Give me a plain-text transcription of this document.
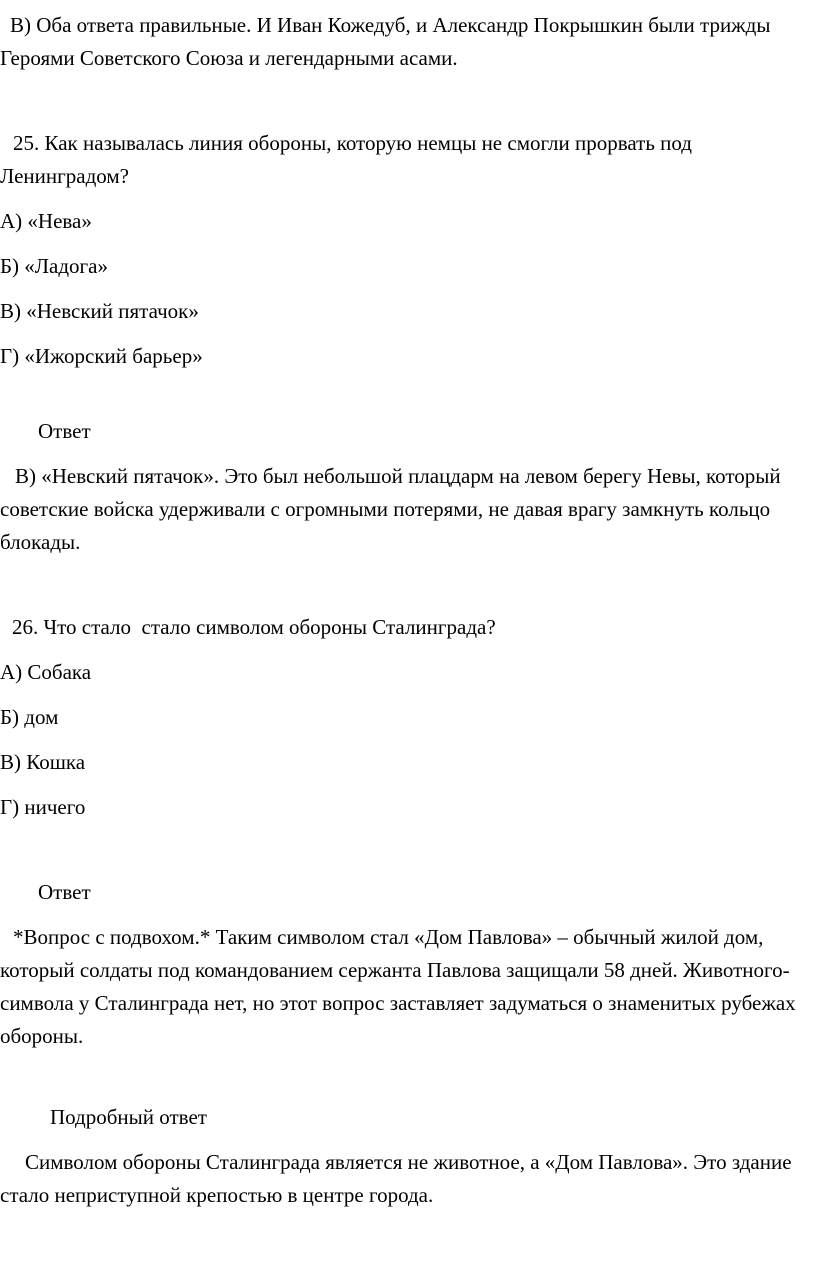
В) Оба ответа правильные. И Иван Кожедуб, и Александр Покрышкин были трижды Героями Советского Союза и легендарными асами.

25. Как называлась линия обороны, которую немцы не смогли прорвать под Ленинградом?

А) «Нева»

Б) «Ладога»

В) «Невский пятачок»

Г) «Ижорский барьер»

Ответ

В) «Невский пятачок». Это был небольшой плацдарм на левом берегу Невы, который советские войска удерживали с огромными потерями, не давая врагу замкнуть кольцо блокады.

26. Что стало  стало символом обороны Сталинграда?

А) Собака

Б) дом

В) Кошка

Г) ничего

Ответ

*Вопрос с подвохом.* Таким символом стал «Дом Павлова» – обычный жилой дом, который солдаты под командованием сержанта Павлова защищали 58 дней. Животного-символа у Сталинграда нет, но этот вопрос заставляет задуматься о знаменитых рубежах обороны.

Подробный ответ

Символом обороны Сталинграда является не животное, а «Дом Павлова». Это здание стало неприступной крепостью в центре города.
